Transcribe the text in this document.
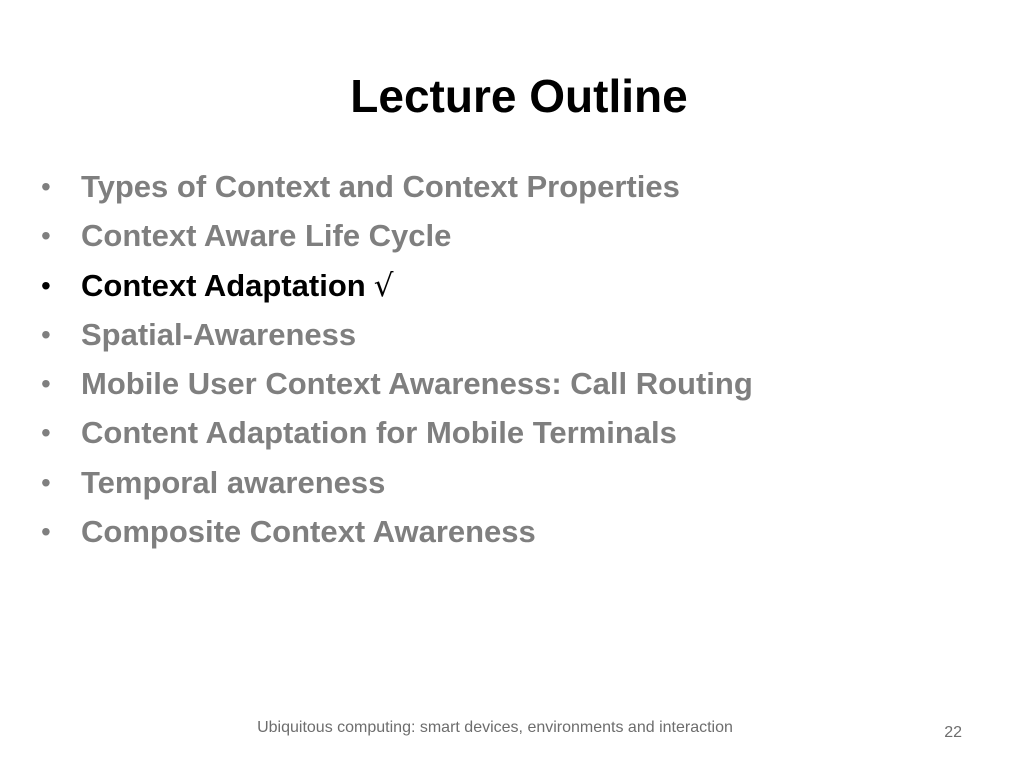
Lecture Outline
• Types of Context and Context Properties
• Context Aware Life Cycle
• Context Adaptation √
• Spatial-Awareness
• Mobile User Context Awareness: Call Routing
• Content Adaptation for Mobile Terminals
• Temporal awareness
• Composite Context Awareness
Ubiquitous computing: smart devices, environments and interaction	22
